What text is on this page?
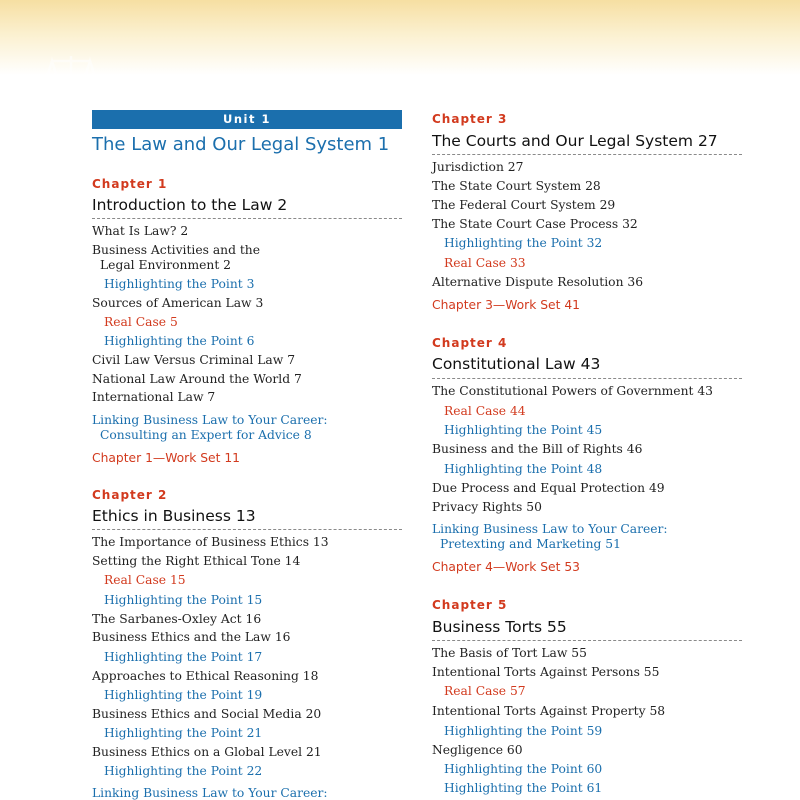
Unit 1
The Law and Our Legal System 1
Chapter 1
Introduction to the Law 2
What Is Law? 2
Business Activities and the
Legal Environment 2
Highlighting the Point 3
Sources of American Law 3
Real Case 5
Highlighting the Point 6
Civil Law Versus Criminal Law 7
National Law Around the World 7
International Law 7
Linking Business Law to Your Career:
Consulting an Expert for Advice 8
Chapter 1—Work Set 11
Chapter 2
Ethics in Business 13
The Importance of Business Ethics 13
Setting the Right Ethical Tone 14
Real Case 15
Highlighting the Point 15
The Sarbanes-Oxley Act 16
Business Ethics and the Law 16
Highlighting the Point 17
Approaches to Ethical Reasoning 18
Highlighting the Point 19
Business Ethics and Social Media 20
Highlighting the Point 21
Business Ethics on a Global Level 21
Highlighting the Point 22
Linking Business Law to Your Career:
Chapter 3
The Courts and Our Legal System 27
Jurisdiction 27
The State Court System 28
The Federal Court System 29
The State Court Case Process 32
Highlighting the Point 32
Real Case 33
Alternative Dispute Resolution 36
Chapter 3—Work Set 41
Chapter 4
Constitutional Law 43
The Constitutional Powers of Government 43
Real Case 44
Highlighting the Point 45
Business and the Bill of Rights 46
Highlighting the Point 48
Due Process and Equal Protection 49
Privacy Rights 50
Linking Business Law to Your Career:
Pretexting and Marketing 51
Chapter 4—Work Set 53
Chapter 5
Business Torts 55
The Basis of Tort Law 55
Intentional Torts Against Persons 55
Real Case 57
Intentional Torts Against Property 58
Highlighting the Point 59
Negligence 60
Highlighting the Point 60
Highlighting the Point 61
